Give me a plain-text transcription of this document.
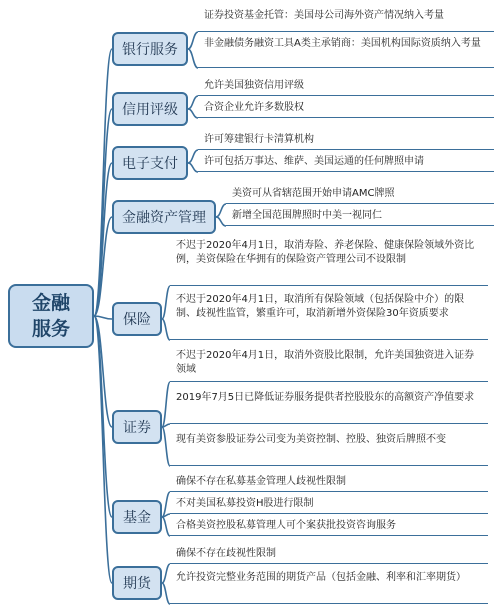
金融服务
银行服务
证券投资基金托管：美国母公司海外资产情况纳入考量
非金融债务融资工具A类主承销商：美国机构国际资质纳入考量
信用评级
允许美国独资信用评级
合资企业允许多数股权
电子支付
许可筹建银行卡清算机构
许可包括万事达、维萨、美国运通的任何牌照申请
金融资产管理
美资可从省辖范围开始申请AMC牌照
新增全国范围牌照时中美一视同仁
保险
不迟于2020年4月1日，取消寿险、养老保险、健康保险领域外资比例，美资保险在华拥有的保险资产管理公司不设限制
不迟于2020年4月1日，取消所有保险领域（包括保险中介）的限制、歧视性监管，繁重许可，取消新增外资保险30年资质要求
证券
不迟于2020年4月1日，取消外资股比限制，允许美国独资进入证券领域
2019年7月5日已降低证券服务提供者控股股东的高额资产净值要求
现有美资参股证券公司变为美资控制、控股、独资后牌照不变
基金
确保不存在私募基金管理人歧视性限制
不对美国私募投资H股进行限制
合格美资控股私募管理人可个案获批投资咨询服务
期货
确保不存在歧视性限制
允许投资完整业务范围的期货产品（包括金融、利率和汇率期货）
